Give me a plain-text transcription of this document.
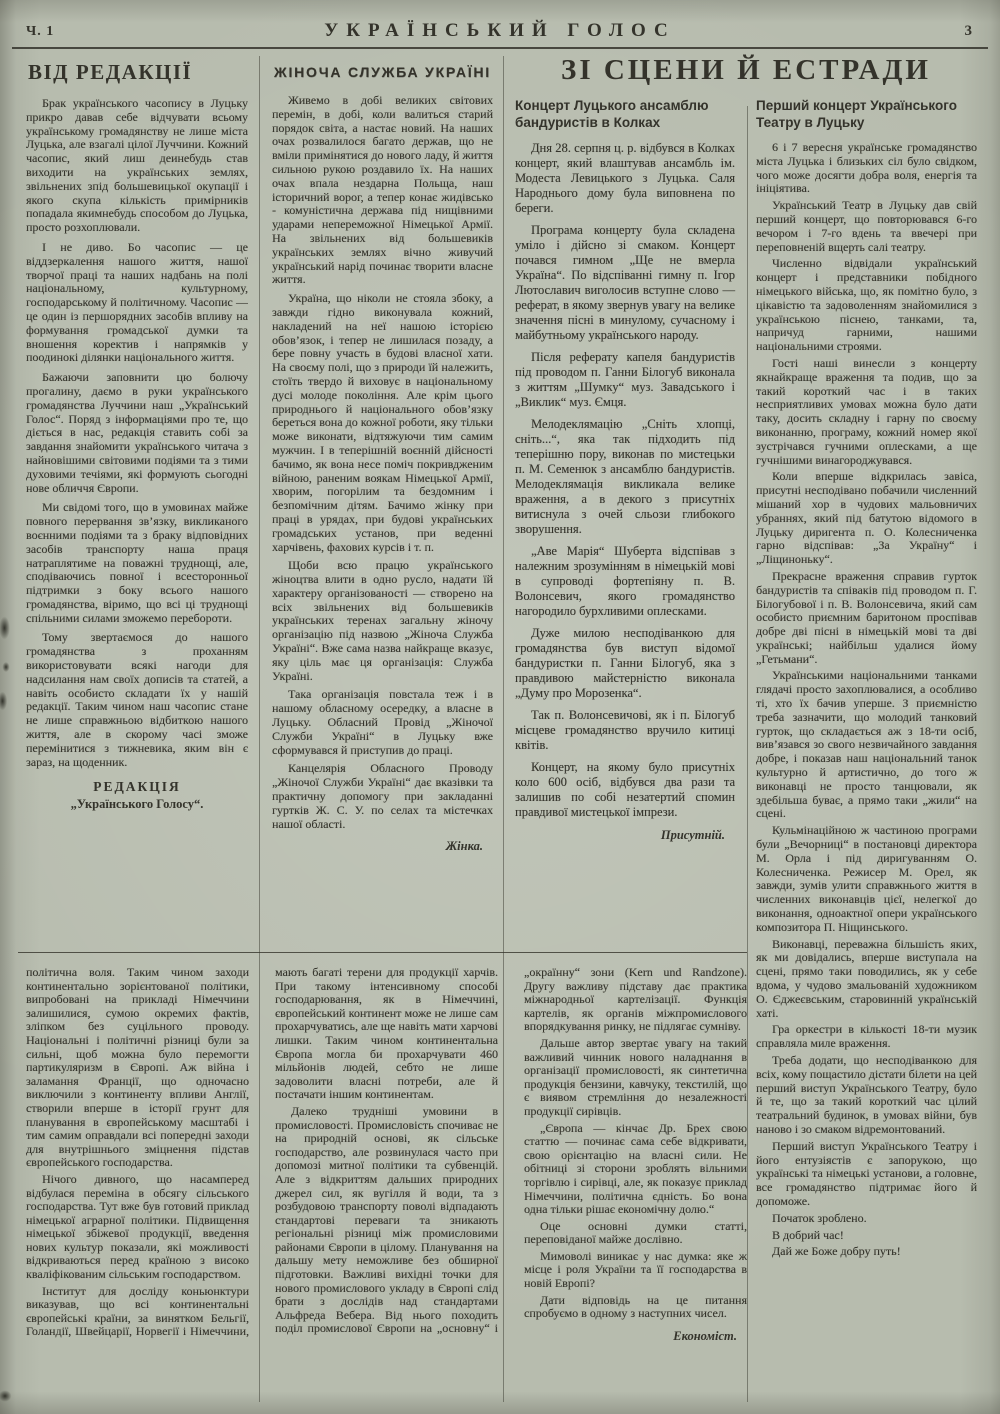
Ч. 1	УКРАЇНСЬКИЙ ГОЛОС	3
ВІД РЕДАКЦІЇ

Брак українського часопису в Луцьку прикро давав себе відчувати всьому українському громадянству не лише міста Луцька, але взагалі цілої Луччини. Кожний часопис, який лиш деинебудь став виходити на українських землях, звільнених зпід большевицької окупації і якого скупа кількість примірників попадала якимнебудь способом до Луцька, просто розхоплювали.

І не диво. Бо часопис — це віддзеркалення нашого життя, нашої творчої праці та наших надбань на полі національному, культурному, господарському й політичному. Часопис — це один із першорядних засобів впливу на формування громадської думки та вношення коректив і напрямків у поодинокі ділянки національного життя.

Бажаючи заповнити цю болючу прогалину, даємо в руки українського громадянства Луччини наш „Український Голос“. Поряд з інформаціями про те, що діється в нас, редакція ставить собі за завдання знайомити українського читача з найновішими світовими подіями та з тими духовими течіями, які формують сьогодні нове обличчя Європи.

Ми свідомі того, що в умовинах майже повного перервання зв’язку, викликаного воєнними подіями та з браку відповідних засобів транспорту наша праця натраплятиме на поважні труднощі, але, сподіваючись повної і всесторонньої підтримки з боку всього нашого громадянства, віримо, що всі ці труднощі спільними силами зможемо перебороти.

Тому звертаємося до нашого громадянства з проханням використовувати всякі нагоди для надсилання нам своїх дописів та статей, а навіть особисто складати їх у нашій редакції. Таким чином наш часопис стане не лише справжньою відбиткою нашого життя, але в скорому часі зможе перемінитися з тижневика, яким він є зараз, на щоденник.

РЕДАКЦІЯ
„Українського Голосу“.
ЖІНОЧА СЛУЖБА УКРАЇНІ

Живемо в добі великих світових перемін, в добі, коли валиться старий порядок світа, а настає новий. На наших очах розвалилося багато держав, що не вміли примінятися до нового ладу, й життя сильною рукою роздавило їх. На наших очах впала нездарна Польща, наш історичний ворог, а тепер конає жидівсько - комуністична держава під нищівними ударами непереможної Німецької Армії. На звільнених від большевиків українських землях вічно живучий український нарід починає творити власне життя.

Україна, що ніколи не стояла збоку, а завжди гідно виконувала кожний, накладений на неї нашою історією обов’язок, і тепер не лишилася позаду, а бере повну участь в будові власної хати. На своєму полі, що з природи їй належить, стоїть твердо й виховує в національному дусі молоде покоління. Але крім цього природнього й національного обов’язку береться вона до кожної роботи, яку тільки може виконати, відтяжуючи тим самим мужчин. І в теперішній воєнній дійсності бачимо, як вона несе поміч покривдженим війною, раненим воякам Німецької Армії, хворим, погорілим та бездомним і безпомічним дітям. Бачимо жінку при праці в урядах, при будові українських громадських установ, при веденні харчівень, фахових курсів і т. п.

Щоби всю працю українського жіноцтва влити в одно русло, надати їй характеру організованості — створено на всіх звільнених від большевиків українських теренах загальну жіночу організацію під назвою „Жіноча Служба Україні“. Вже сама назва найкраще вказує, яку ціль має ця організація: Служба Україні.

Така організація повстала теж і в нашому обласному осередку, а власне в Луцьку. Обласний Провід „Жіночої Служби Україні“ в Луцьку вже сформувався й приступив до праці.

Канцелярія Обласного Проводу „Жіночої Служби Україні“ дає вказівки та практичну допомогу при закладанні гуртків Ж. С. У. по селах та містечках нашої області.

Жінка.
ЗІ СЦЕНИ Й ЕСТРАДИ
Концерт Луцького ансамблю бандуристів в Колках

Дня 28. серпня ц. р. відбувся в Колках концерт, який влаштував ансамбль ім. Модеста Левицького з Луцька. Саля Народнього дому була виповнена по береги.

Програма концерту була складена уміло і дійсно зі смаком. Концерт почався гимном „Ще не вмерла Україна“. По відспіванні гимну п. Ігор Лютославич виголосив вступне слово — реферат, в якому звернув увагу на велике значення пісні в минулому, сучасному і майбутньому українського народу.

Після реферату капеля бандуристів під проводом п. Ганни Білогуб виконала з життям „Шумку“ муз. Завадського і „Виклик“ муз. Ємця.

Мелодеклямацію „Сніть хлопці, сніть...“, яка так підходить під теперішню пору, виконав по мистецьки п. М. Семенюк з ансамблю бандуристів. Мелодеклямація викликала велике враження, а в декого з присутніх витиснула з очей сльози глибокого зворушення.

„Аве Марія“ Шуберта відспівав з належним зрозумінням в німецькій мові в супроводі фортепіяну п. В. Волонсевич, якого громадянство нагородило бурхливими оплесками.

Дуже милою несподіванкою для громадянства був виступ відомої бандуристки п. Ганни Білогуб, яка з правдивою майстерністю виконала „Думу про Морозенка“.

Так п. Волонсевичові, як і п. Білогуб місцеве громадянство вручило китиці квітів.

Концерт, на якому було присутніх коло 600 осіб, відбувся два рази та залишив по собі незатертий спомин правдивої мистецької імпрези.

Присутній.
Перший концерт Українського Театру в Луцьку

6 і 7 вересня українське громадянство міста Луцька і близьких сіл було свідком, чого може досягти добра воля, енергія та ініціятива.

Український Театр в Луцьку дав свій перший концерт, що повторювався 6-го вечором і 7-го вдень та ввечері при переповненій вщерть салі театру.

Численно відвідали український концерт і представники побідного німецького війська, що, як помітно було, з цікавістю та задоволенням знайомилися з українською піснею, танками, та, напричуд гарними, нашими національними строями.

Гості наші винесли з концерту якнайкраще враження та подив, що за такий короткий час і в таких несприятливих умовах можна було дати таку, досить складну і гарну по своєму виконанню, програму, кожний номер якої зустрічався гучними оплесками, а ще гучнішими винагороджувався.

Коли вперше відкрилась завіса, присутні несподівано побачили численний мішаний хор в чудових мальовничих убраннях, який під батутою відомого в Луцьку диригента п. О. Колесниченка гарно відспівав: „За Україну“ і „Ліщиноньку“.

Прекрасне враження справив гурток бандуристів та співаків під проводом п. Г. Білогубової і п. В. Волонсевича, який сам особисто приємним баритоном проспівав добре дві пісні в німецькій мові та дві українські; найбільш удалися йому „Гетьмани“.

Українськими національними танками глядачі просто захоплювалися, а особливо ті, хто їх бачив уперше. З приємністю треба зазначити, що молодий танковий гурток, що складається аж з 18-ти осіб, вив’язався зо свого незвичайного завдання добре, і показав наш національний танок культурно й артистично, до того ж виконавці не просто танцювали, як здебільша буває, а прямо таки „жили“ на сцені.

Кульмінаційною ж частиною програми були „Вечорниці“ в постановці директора М. Орла і під диригуванням О. Колесниченка. Режисер М. Орел, як завжди, зумів улити справжнього життя в численних виконавців цієї, нелегкої до виконання, одноактної опери українського композитора П. Ніщинського.

Виконавці, переважна більшість яких, як ми довідались, вперше виступала на сцені, прямо таки поводились, як у себе вдома, у чудово змальованій художником О. Єджеєвським, старовинній українській хаті.

Гра оркестри в кількості 18-ти музик справляла миле враження.

Треба додати, що несподіванкою для всіх, кому пощастило дістати білети на цей перший виступ Українського Театру, було й те, що за такий короткий час цілий театральний будинок, в умовах війни, був наново і зо смаком відремонтований.

Перший виступ Українського Театру і його ентузіястів є запорукою, що українські та німецькі установи, а головне, все громадянство підтримає його й допоможе.

Початок зроблено.

В добрий час!

Дай же Боже добру путь!

політична воля. Таким чином заходи континентально зорієнтованої політики, випробовані на прикладі Німеччини залишилися, сумою окремих фактів, зліпком без суцільного проводу. Національні і політичні різниці були за сильні, щоб можна було перемогти партикуляризм в Європі. Аж війна і заламання Франції, що одночасно виключили з континенту впливи Англії, створили вперше в історії грунт для планування в європейському масштабі і тим самим оправдали всі попередні заходи для внутрішнього зміцнення підстав європейського господарства.

Нічого дивного, що насамперед відбулася переміна в обсягу сільського господарства. Тут вже був готовий приклад німецької аграрної політики. Підвищення німецької збіжевої продукції, введення нових культур показали, які можливості відкриваються перед країною з високо кваліфікованим сільським господарством.

Інститут для досліду коньюнктури виказував, що всі континентальні європейські країни, за винятком Бельгії, Голандії, Швейцарії, Норвегії і Німеччини, мають багаті терени для продукції харчів. При такому інтенсивному способі господарювання, як в Німеччині, європейський континент може не лише сам прохарчуватись, але ще навіть мати харчові лишки. Таким чином континентальна Європа могла би прохарчувати 460 мільйонів людей, себто не лише задоволити власні потреби, але й постачати іншим континентам.

Далеко трудніші умовини в промисловості. Промисловість спочиває не на природній основі, як сільське господарство, але розвинулася часто при допомозі митної політики та субвенцій. Але з відкриттям дальших природних джерел сил, як вугілля й води, та з розбудовою транспорту поволі відпадають стандартові переваги та зникають регіональні різниці між промисловими районами Європи в цілому. Планування на дальшу мету неможливе без обширної підготовки. Важливі вихідні точки для нового промислового укладу в Європі слід брати з дослідів над стандартами Альфреда Вебера. Від нього походить поділ промислової Європи на „основну“ і „окраїнну“ зони (Kern und Randzone). Другу важливу підставу дає практика міжнародньої картелізації. Функція картелів, як органів міжпромислового впорядкування ринку, не підлягає сумніву.

Дальше автор звертає увагу на такий важливий чинник нового наладнання в організації промисловості, як синтетична продукція бензини, кавчуку, текстилій, що є виявом стремління до незалежності продукції сирівців.

„Європа — кінчає Др. Брех свою статтю — починає сама себе відкривати, свою орієнтацію на власні сили. Не обітниці зі сторони зроблять вільними торгівлю і сирівці, але, як показує приклад Німеччини, політична єдність. Бо вона одна тільки рішає економічну долю.“

Оце основні думки статті, переповіданої майже дослівно.

Мимоволі виникає у нас думка: яке ж місце і роля України та її господарства в новій Европі?

Дати відповідь на це питання спробуємо в одному з наступних чисел.

Економіст.
